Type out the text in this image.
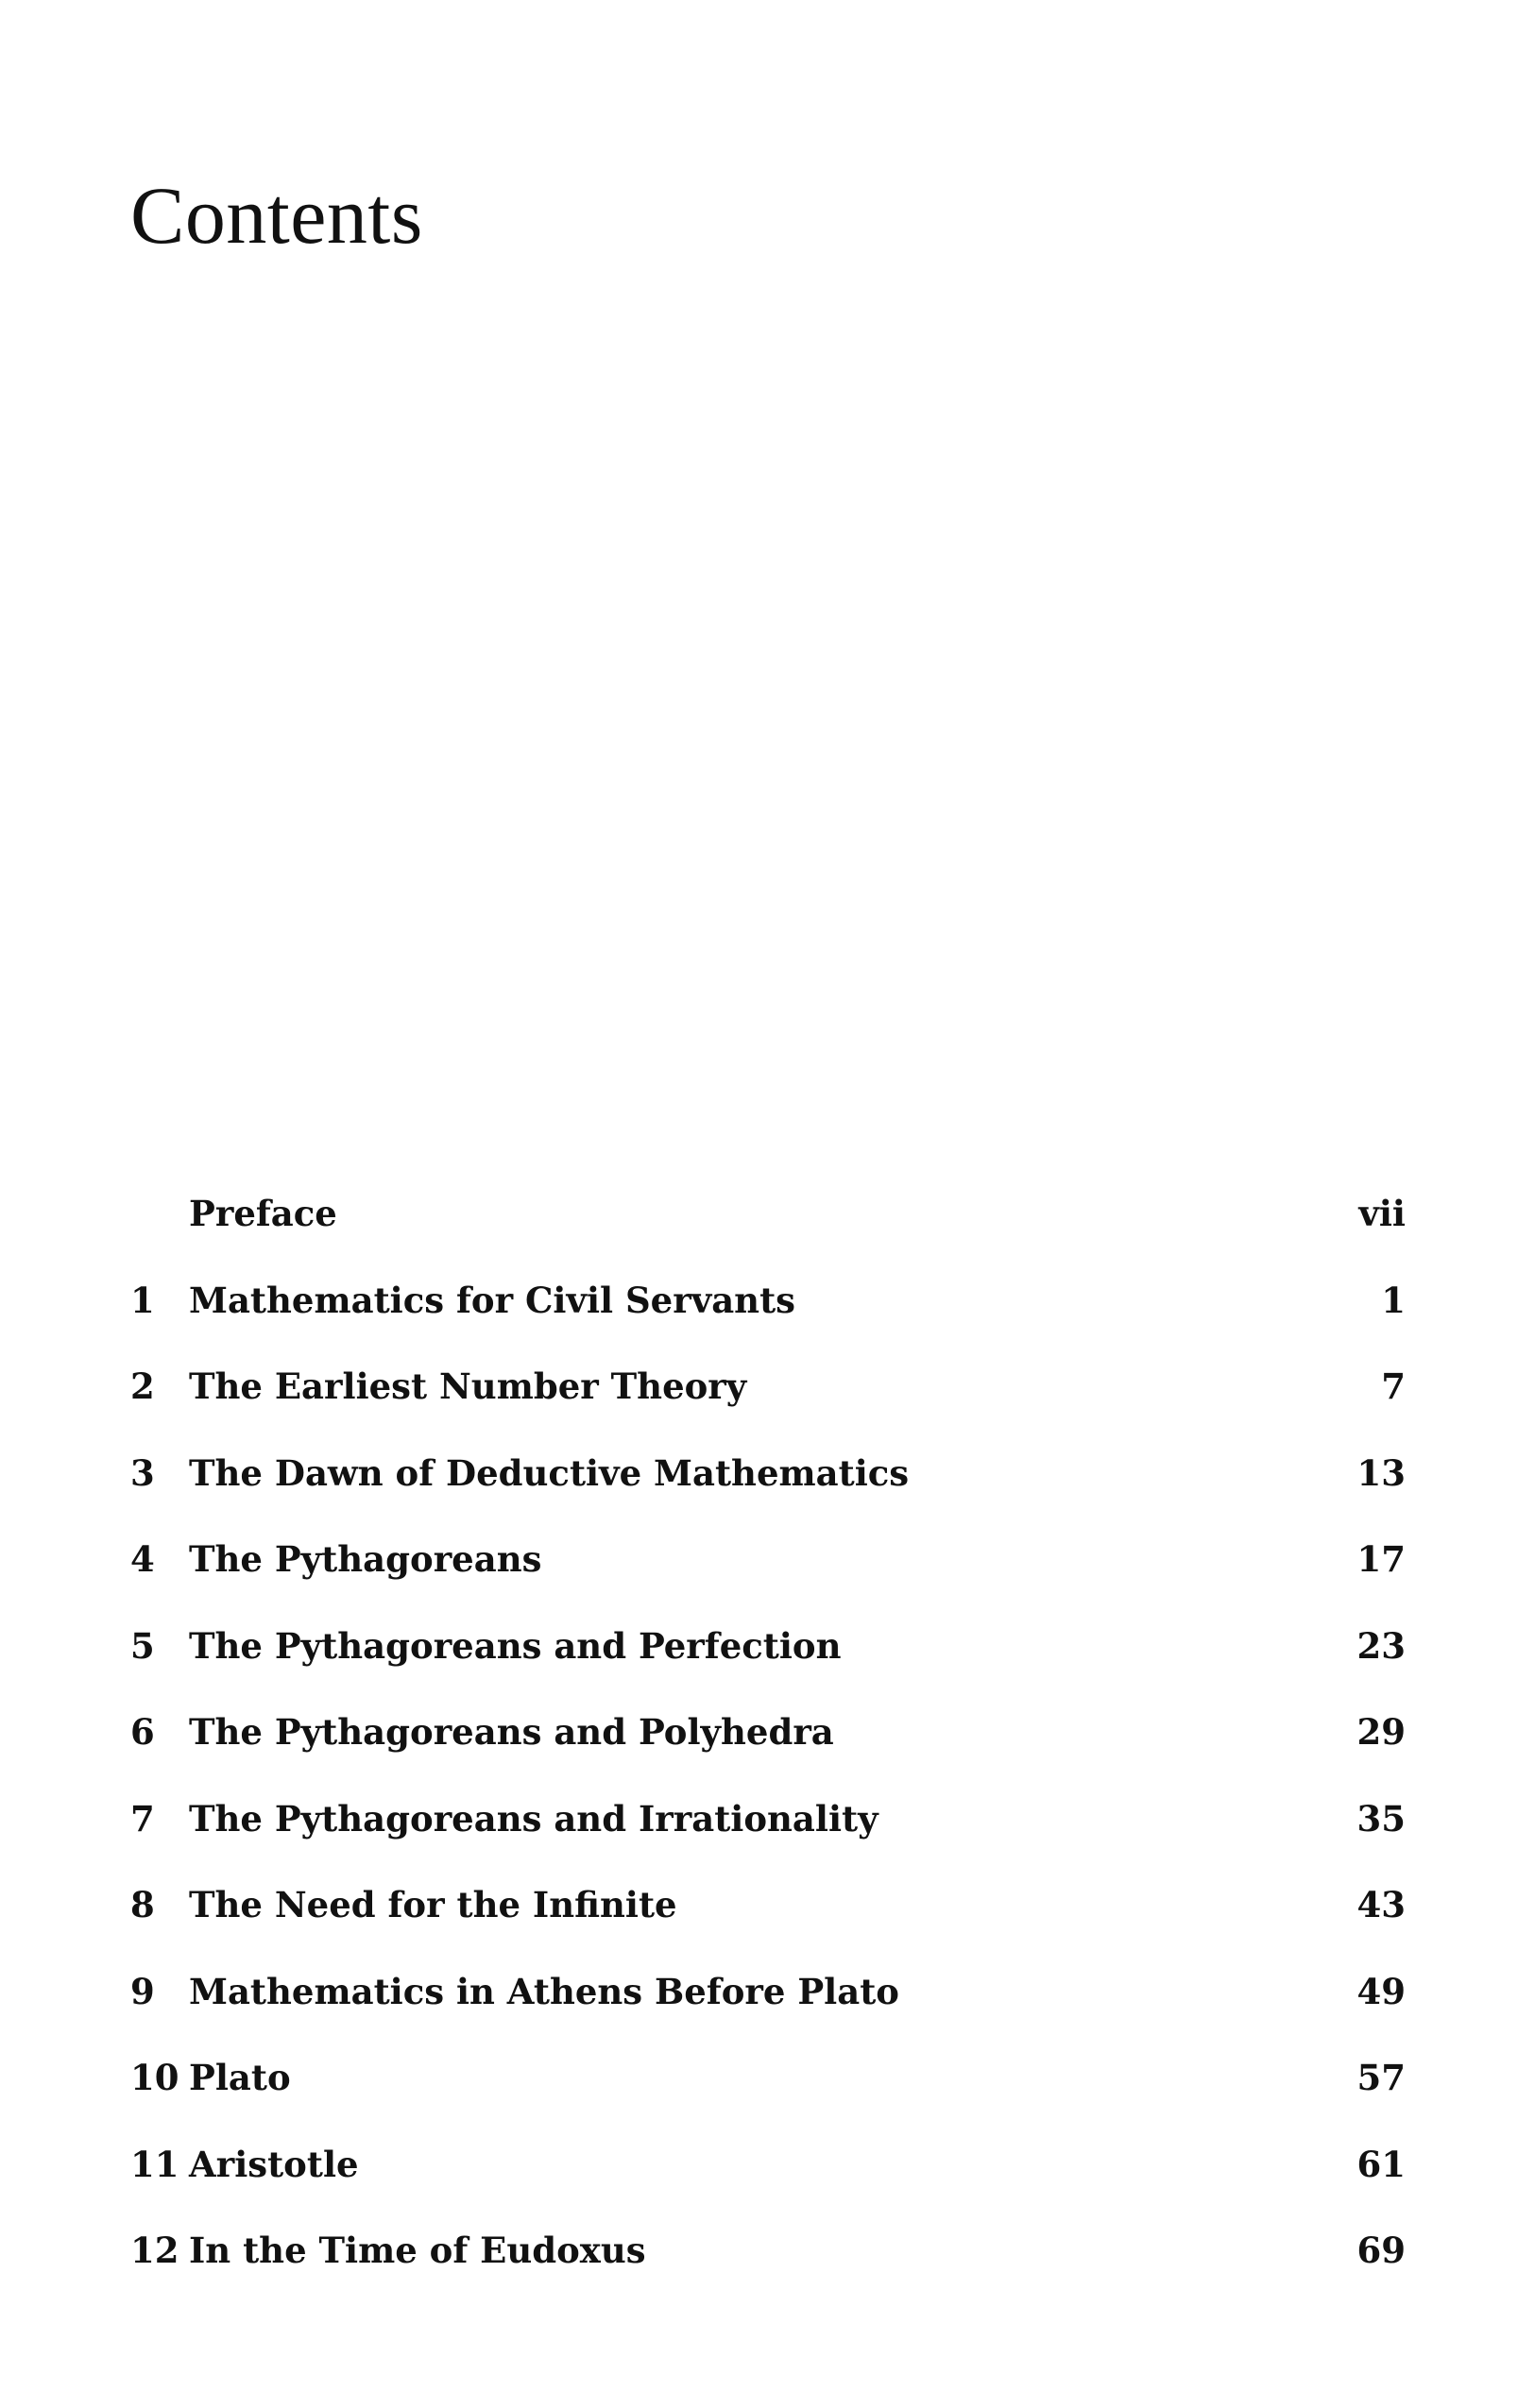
Contents
Preface	vii
1 Mathematics for Civil Servants	1
2 The Earliest Number Theory	7
3 The Dawn of Deductive Mathematics	13
4 The Pythagoreans	17
5 The Pythagoreans and Perfection	23
6 The Pythagoreans and Polyhedra	29
7 The Pythagoreans and Irrationality	35
8 The Need for the Infinite	43
9 Mathematics in Athens Before Plato	49
10 Plato	57
11 Aristotle	61
12 In the Time of Eudoxus	69
